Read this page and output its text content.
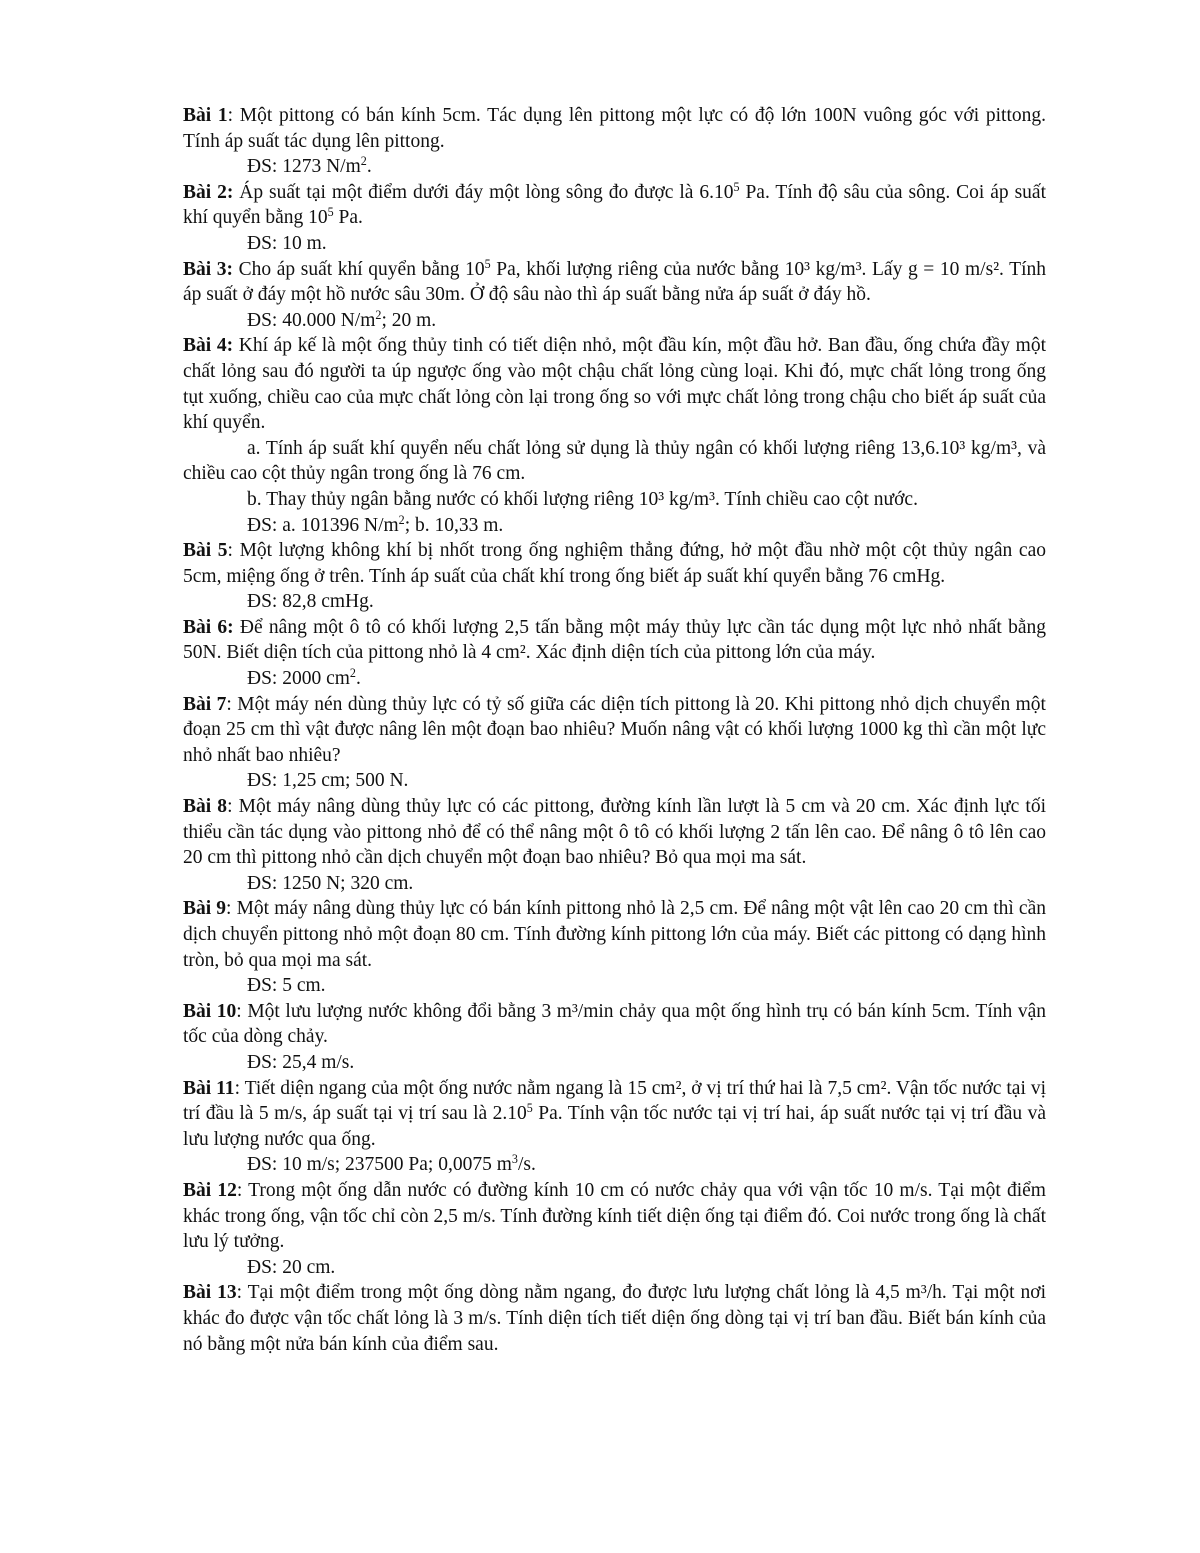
Bài 1: Một pittong có bán kính 5cm. Tác dụng lên pittong một lực có độ lớn 100N vuông góc với pittong. Tính áp suất tác dụng lên pittong.

ĐS: 1273 $N/m^2$.

Bài 2: Áp suất tại một điểm dưới đáy một lòng sông đo được là 6.10$^5$ Pa. Tính độ sâu của sông. Coi áp suất khí quyển bằng $10^5$ Pa.

ĐS: 10 m.

Bài 3: Cho áp suất khí quyển bằng $10^5$ Pa, khối lượng riêng của nước bằng 10³ kg/m³. Lấy g = 10 m/s². Tính áp suất ở đáy một hồ nước sâu 30m. Ở độ sâu nào thì áp suất bằng nửa áp suất ở đáy hồ.

ĐS: 40.000 $N/m^2$; 20 m.

Bài 4: Khí áp kế là một ống thủy tinh có tiết diện nhỏ, một đầu kín, một đầu hở. Ban đầu, ống chứa đầy một chất lỏng sau đó người ta úp ngược ống vào một chậu chất lỏng cùng loại. Khi đó, mực chất lỏng trong ống tụt xuống, chiều cao của mực chất lỏng còn lại trong ống so với mực chất lỏng trong chậu cho biết áp suất của khí quyển.

a. Tính áp suất khí quyển nếu chất lỏng sử dụng là thủy ngân có khối lượng riêng 13,6.10³ kg/m³, và chiều cao cột thủy ngân trong ống là 76 cm.

b. Thay thủy ngân bằng nước có khối lượng riêng 10³ kg/m³. Tính chiều cao cột nước.

ĐS: a. 101396 $N/m^2$; b. 10,33 m.

Bài 5: Một lượng không khí bị nhốt trong ống nghiệm thẳng đứng, hở một đầu nhờ một cột thủy ngân cao 5cm, miệng ống ở trên. Tính áp suất của chất khí trong ống biết áp suất khí quyển bằng 76 cmHg.

ĐS: 82,8 cmHg.

Bài 6: Để nâng một ô tô có khối lượng 2,5 tấn bằng một máy thủy lực cần tác dụng một lực nhỏ nhất bằng 50N. Biết diện tích của pittong nhỏ là 4 cm². Xác định diện tích của pittong lớn của máy.

ĐS: 2000 $cm^2$.

Bài 7: Một máy nén dùng thủy lực có tỷ số giữa các diện tích pittong là 20. Khi pittong nhỏ dịch chuyển một đoạn 25 cm thì vật được nâng lên một đoạn bao nhiêu? Muốn nâng vật có khối lượng 1000 kg thì cần một lực nhỏ nhất bao nhiêu?

ĐS: 1,25 cm; 500 N.

Bài 8: Một máy nâng dùng thủy lực có các pittong, đường kính lần lượt là 5 cm và 20 cm. Xác định lực tối thiểu cần tác dụng vào pittong nhỏ để có thể nâng một ô tô có khối lượng 2 tấn lên cao. Để nâng ô tô lên cao 20 cm thì pittong nhỏ cần dịch chuyển một đoạn bao nhiêu? Bỏ qua mọi ma sát.

ĐS: 1250 N; 320 cm.

Bài 9: Một máy nâng dùng thủy lực có bán kính pittong nhỏ là 2,5 cm. Để nâng một vật lên cao 20 cm thì cần dịch chuyển pittong nhỏ một đoạn 80 cm. Tính đường kính pittong lớn của máy. Biết các pittong có dạng hình tròn, bỏ qua mọi ma sát.

ĐS: 5 cm.

Bài 10: Một lưu lượng nước không đổi bằng 3 m³/min chảy qua một ống hình trụ có bán kính 5cm. Tính vận tốc của dòng chảy.

ĐS: 25,4 m/s.

Bài 11: Tiết diện ngang của một ống nước nằm ngang là 15 cm², ở vị trí thứ hai là 7,5 cm². Vận tốc nước tại vị trí đầu là 5 m/s, áp suất tại vị trí sau là 2.10$^5$ Pa. Tính vận tốc nước tại vị trí hai, áp suất nước tại vị trí đầu và lưu lượng nước qua ống.

ĐS: 10 m/s; 237500 Pa; 0,0075 $m^3/s$.

Bài 12: Trong một ống dẫn nước có đường kính 10 cm có nước chảy qua với vận tốc 10 m/s. Tại một điểm khác trong ống, vận tốc chỉ còn 2,5 m/s. Tính đường kính tiết diện ống tại điểm đó. Coi nước trong ống là chất lưu lý tưởng.

ĐS: 20 cm.

Bài 13: Tại một điểm trong một ống dòng nằm ngang, đo được lưu lượng chất lỏng là 4,5 m³/h. Tại một nơi khác đo được vận tốc chất lỏng là 3 m/s. Tính diện tích tiết diện ống dòng tại vị trí ban đầu. Biết bán kính của nó bằng một nửa bán kính của điểm sau.
